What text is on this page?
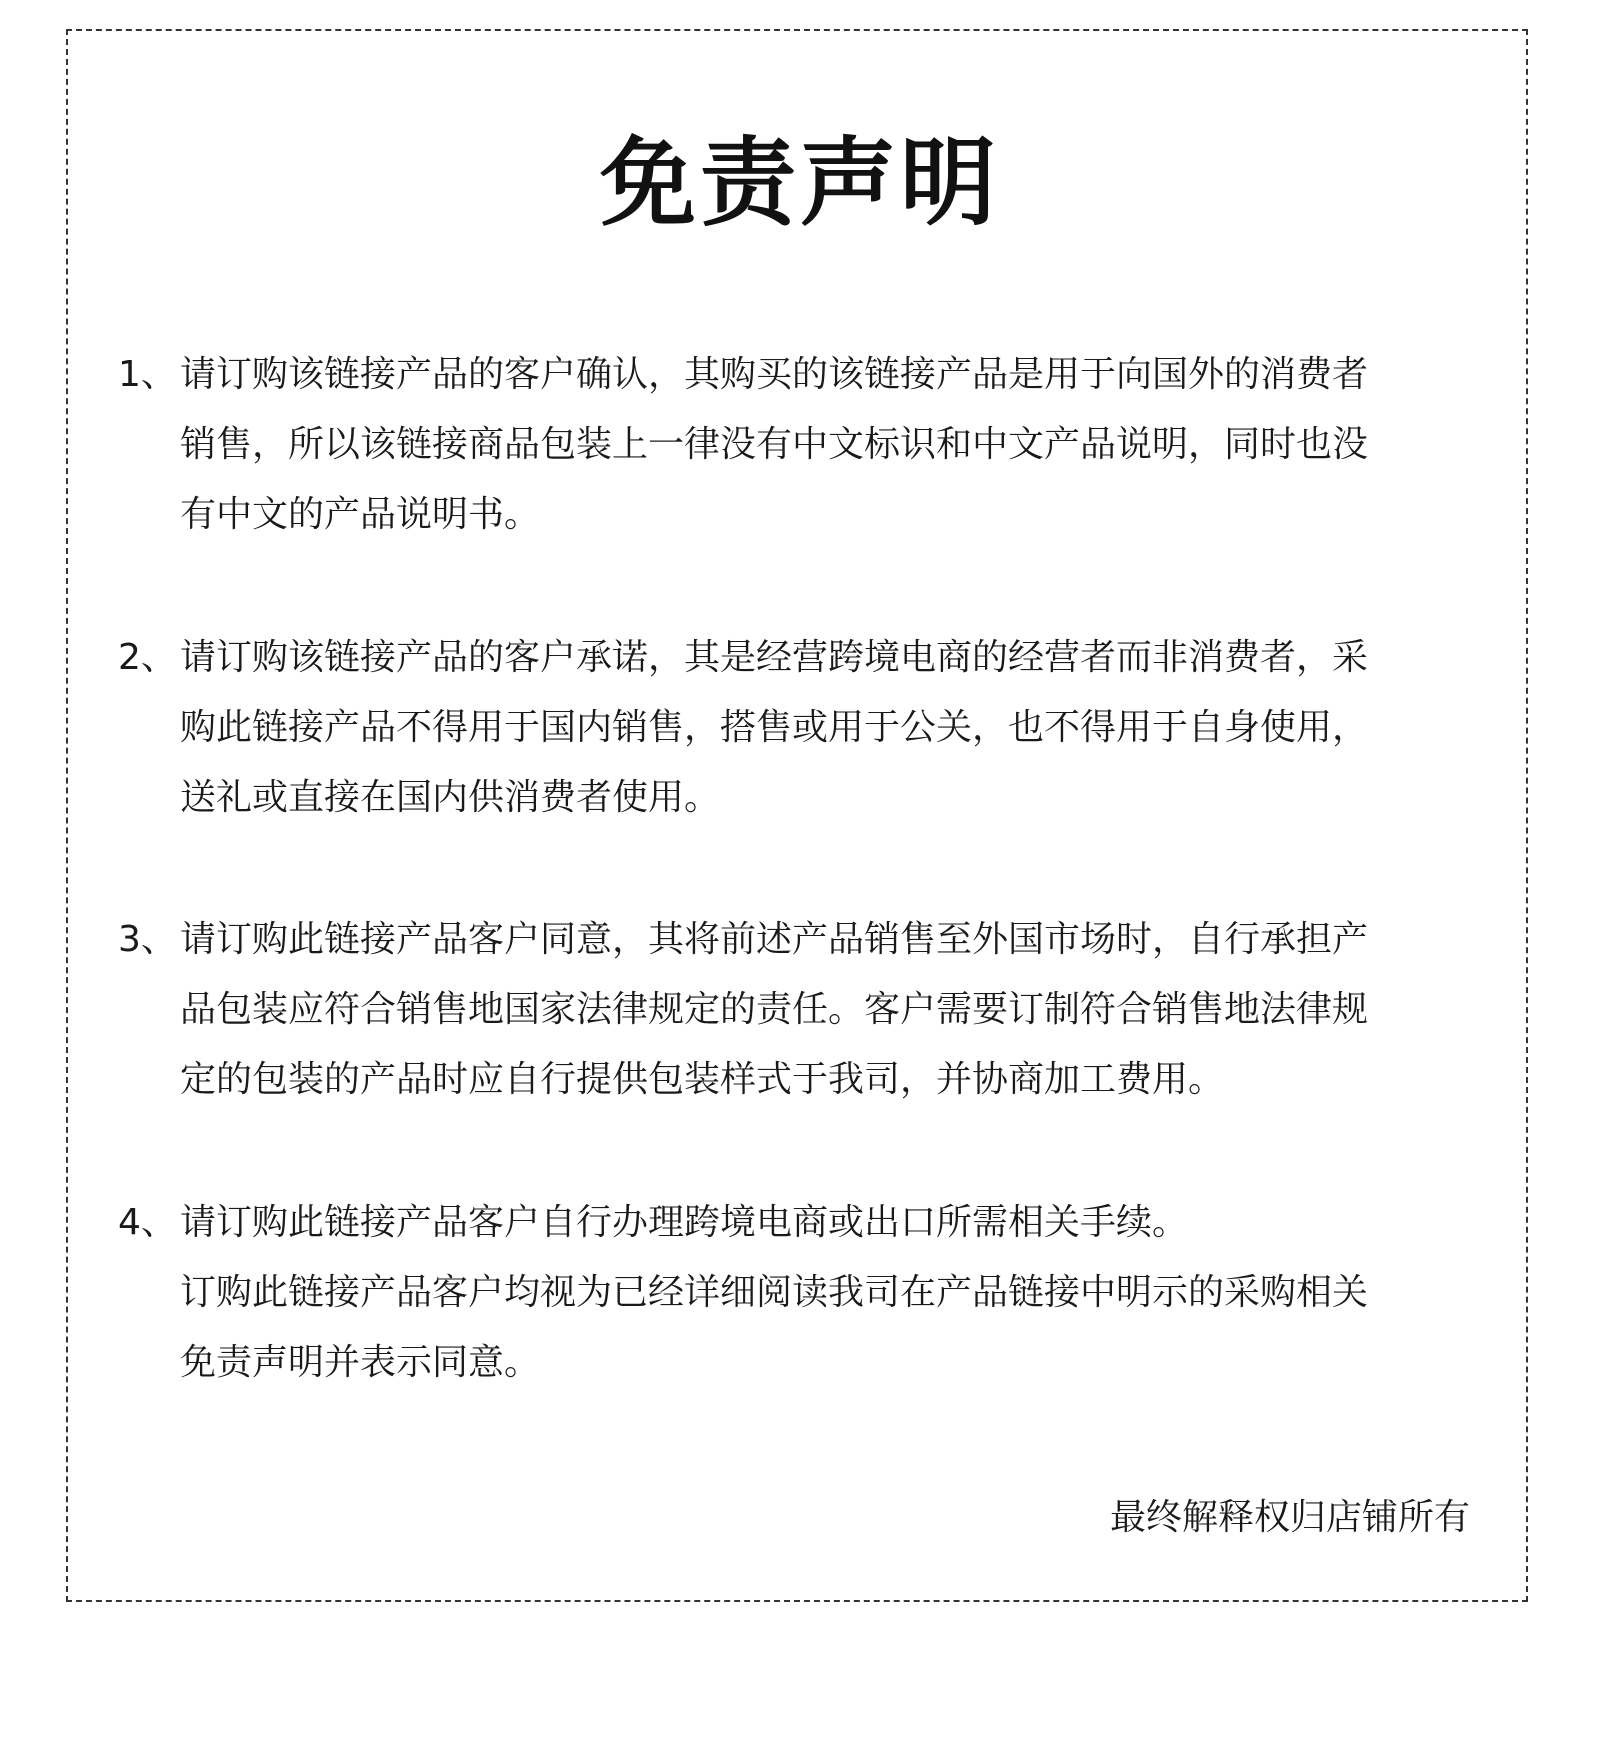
免责声明
1、请订购该链接产品的客户确认，其购买的该链接产品是用于向国外的消费者
销售，所以该链接商品包装上一律没有中文标识和中文产品说明，同时也没
有中文的产品说明书。
2、请订购该链接产品的客户承诺，其是经营跨境电商的经营者而非消费者，采
购此链接产品不得用于国内销售，搭售或用于公关，也不得用于自身使用，
送礼或直接在国内供消费者使用。
3、请订购此链接产品客户同意，其将前述产品销售至外国市场时，自行承担产
品包装应符合销售地国家法律规定的责任。客户需要订制符合销售地法律规
定的包装的产品时应自行提供包装样式于我司，并协商加工费用。
4、请订购此链接产品客户自行办理跨境电商或出口所需相关手续。
订购此链接产品客户均视为已经详细阅读我司在产品链接中明示的采购相关
免责声明并表示同意。
最终解释权归店铺所有
